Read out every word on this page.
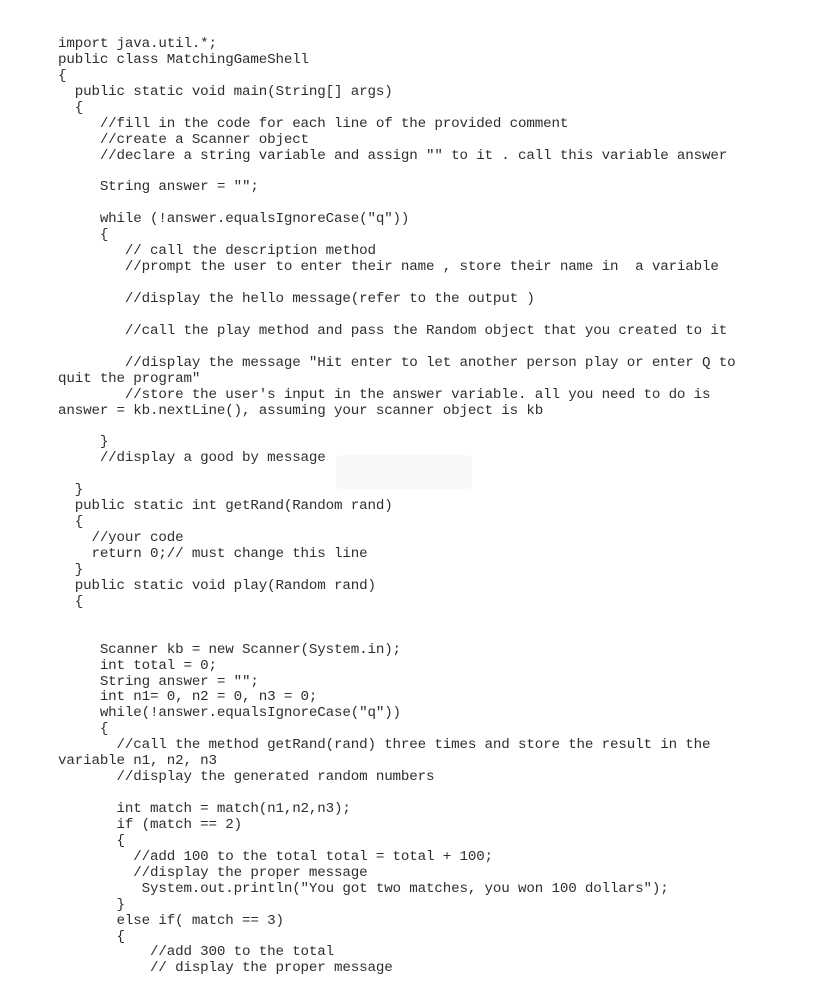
import java.util.*;
public class MatchingGameShell
{
public static void main(String[] args)
{
//fill in the code for each line of the provided comment
//create a Scanner object
//declare a string variable and assign "" to it . call this variable answer
String answer = "";
while (!answer.equalsIgnoreCase("q"))
{
// call the description method
//prompt the user to enter their name , store their name in  a variable
//display the hello message(refer to the output )
//call the play method and pass the Random object that you created to it
//display the message "Hit enter to let another person play or enter Q to
quit the program"
//store the user's input in the answer variable. all you need to do is
answer = kb.nextLine(), assuming your scanner object is kb
}
//display a good by message
}
public static int getRand(Random rand)
{
//your code
return 0;// must change this line
}
public static void play(Random rand)
{
Scanner kb = new Scanner(System.in);
int total = 0;
String answer = "";
int n1= 0, n2 = 0, n3 = 0;
while(!answer.equalsIgnoreCase("q"))
{
//call the method getRand(rand) three times and store the result in the
variable n1, n2, n3
//display the generated random numbers
int match = match(n1,n2,n3);
if (match == 2)
{
//add 100 to the total total = total + 100;
//display the proper message
System.out.println("You got two matches, you won 100 dollars");
}
else if( match == 3)
{
//add 300 to the total
// display the proper message
